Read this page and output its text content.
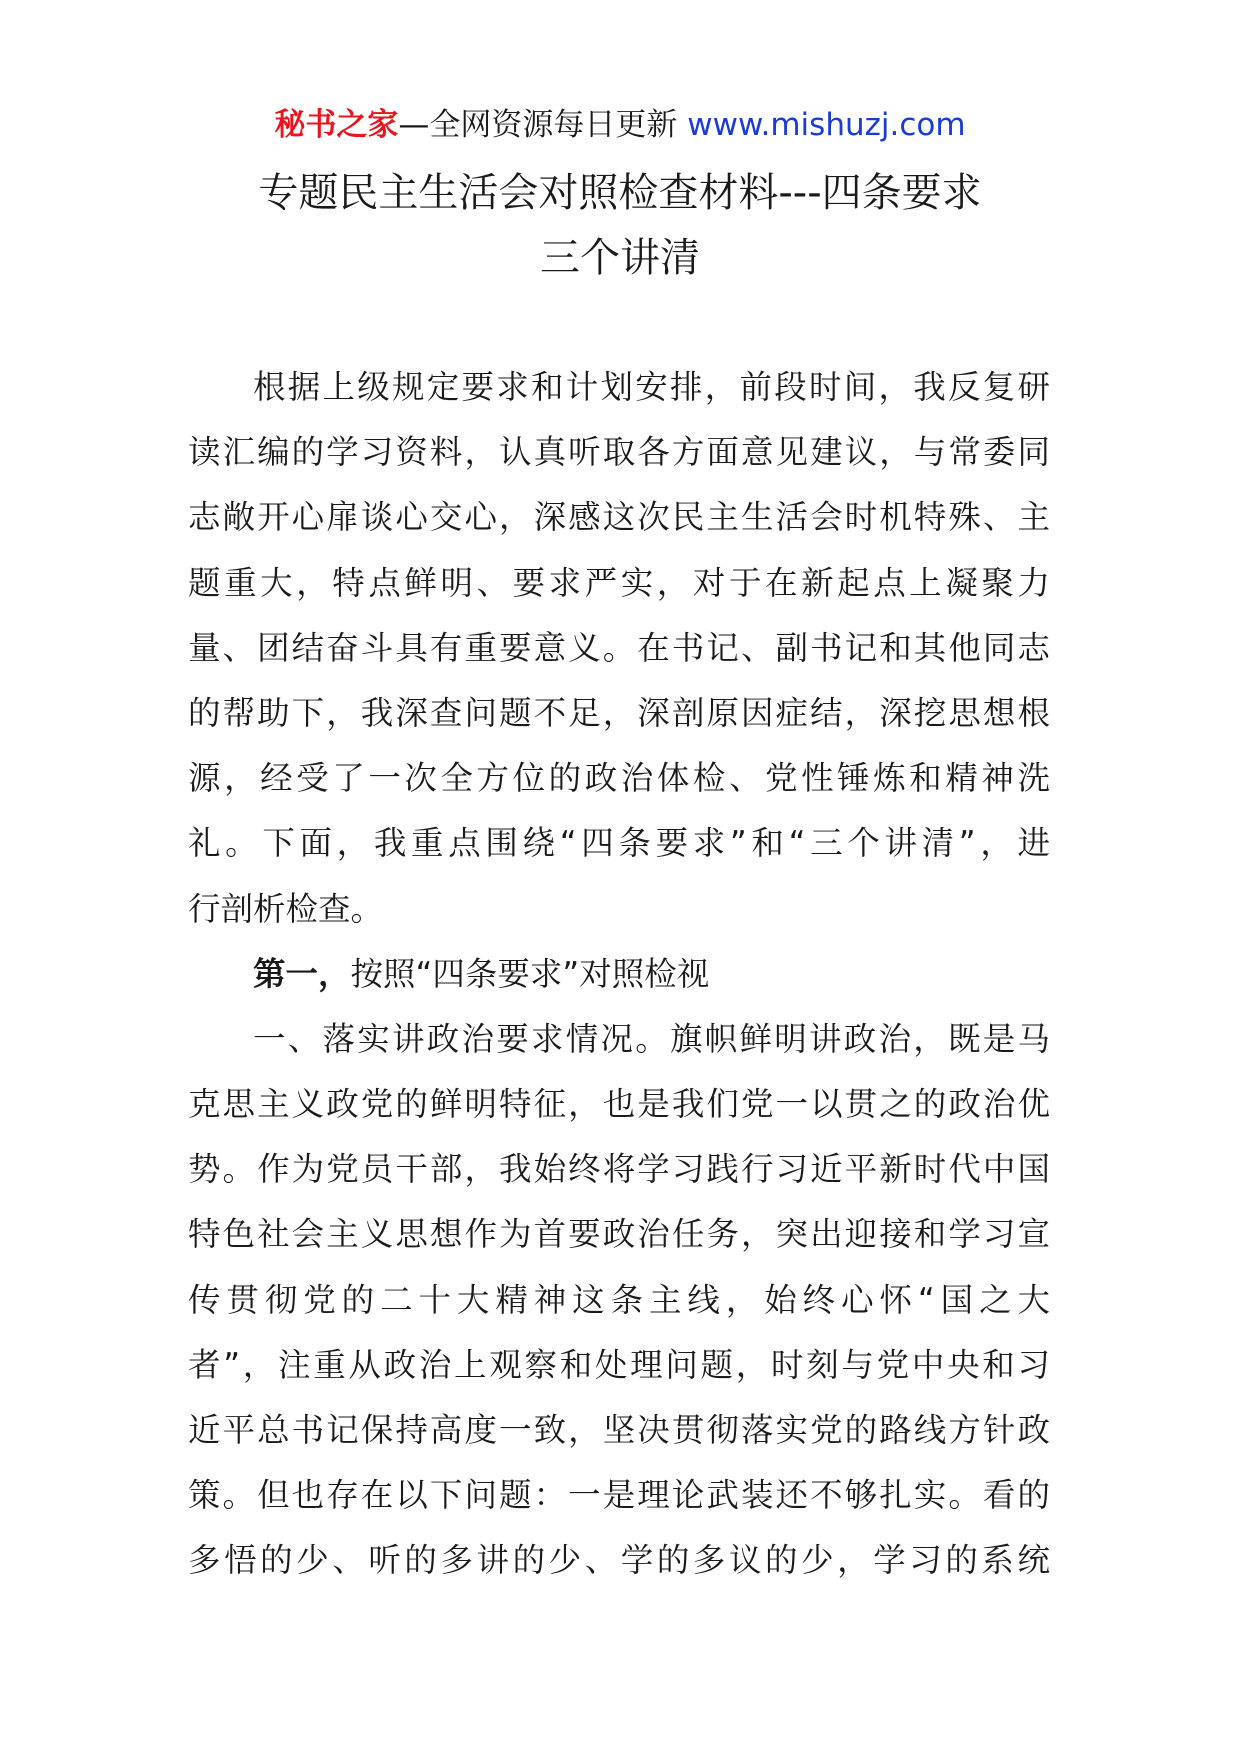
秘书之家—全网资源每日更新 www.mishuzj.com
专题民主生活会对照检查材料---四条要求
三个讲清
根据上级规定要求和计划安排，前段时间，我反复研
读汇编的学习资料，认真听取各方面意见建议，与常委同
志敞开心扉谈心交心，深感这次民主生活会时机特殊、主
题重大，特点鲜明、要求严实，对于在新起点上凝聚力
量、团结奋斗具有重要意义。在书记、副书记和其他同志
的帮助下，我深查问题不足，深剖原因症结，深挖思想根
源，经受了一次全方位的政治体检、党性锤炼和精神洗
礼。下面，我重点围绕“四条要求”和“三个讲清”，进
行剖析检查。
第一，按照“四条要求”对照检视
一、落实讲政治要求情况。旗帜鲜明讲政治，既是马
克思主义政党的鲜明特征，也是我们党一以贯之的政治优
势。作为党员干部，我始终将学习践行习近平新时代中国
特色社会主义思想作为首要政治任务，突出迎接和学习宣
传贯彻党的二十大精神这条主线，始终心怀“国之大
者”，注重从政治上观察和处理问题，时刻与党中央和习
近平总书记保持高度一致，坚决贯彻落实党的路线方针政
策。但也存在以下问题：一是理论武装还不够扎实。看的
多悟的少、听的多讲的少、学的多议的少，学习的系统
